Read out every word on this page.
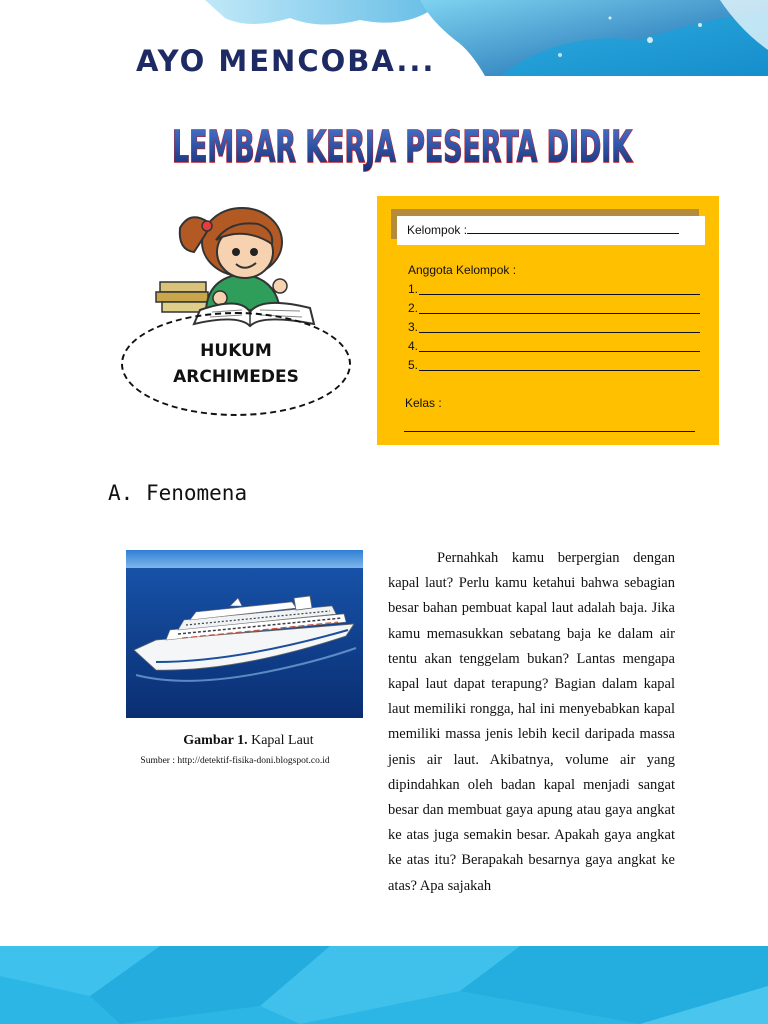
AYO MENCOBA...
LEMBAR KERJA PESERTA DIDIK
HUKUM
ARCHIMEDES
Anggota Kelompok :
1.
2.
3.
4.
5.
Kelas :
Kelompok :
A. Fenomena
Gambar 1. Kapal Laut
Sumber : http://detektif-fisika-doni.blogspot.co.id

Pernahkah kamu berpergian dengan kapal laut? Perlu kamu ketahui bahwa sebagian besar bahan pembuat kapal laut adalah baja. Jika kamu memasukkan sebatang baja ke dalam air tentu akan tenggelam bukan? Lantas mengapa kapal laut dapat terapung? Bagian dalam kapal laut memiliki rongga, hal ini menyebabkan kapal memiliki massa jenis lebih kecil daripada massa jenis air laut. Akibatnya, volume air yang dipindahkan oleh badan kapal menjadi sangat besar dan membuat gaya apung atau gaya angkat ke atas juga semakin besar. Apakah gaya angkat ke atas itu? Berapakah besarnya gaya angkat ke atas? Apa sajakah
